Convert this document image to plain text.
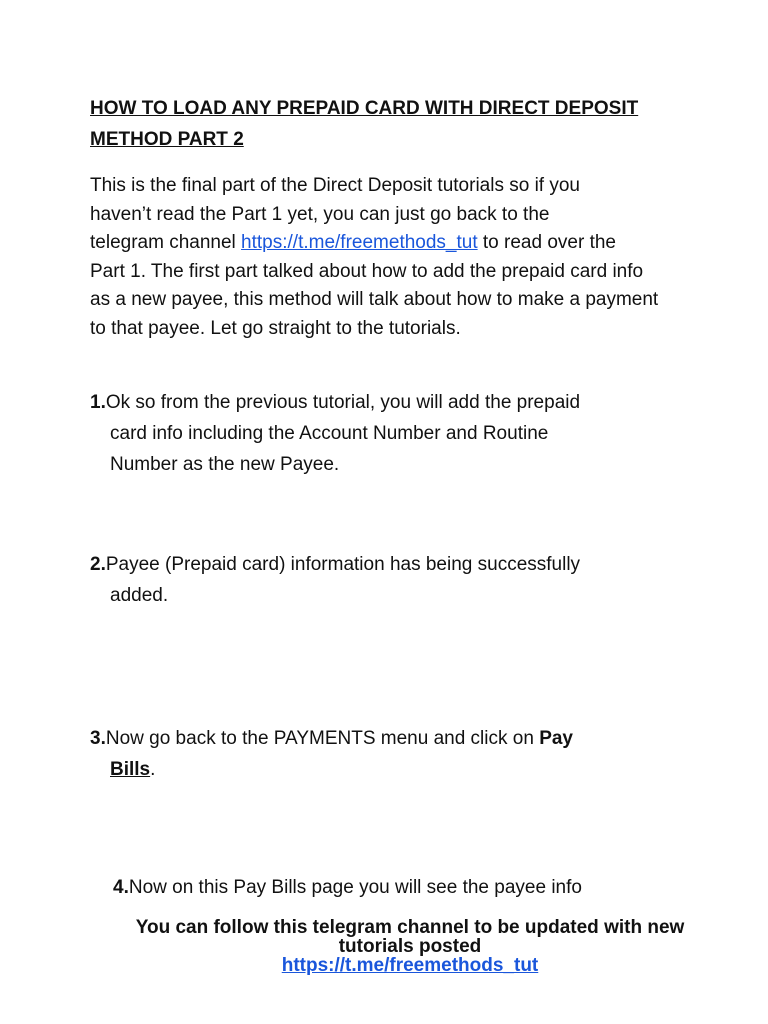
HOW TO LOAD ANY PREPAID CARD WITH DIRECT DEPOSIT
METHOD PART 2
This is the final part of the Direct Deposit tutorials so if you
haven’t read the Part 1 yet, you can just go back to the
telegram channel https://t.me/freemethods_tut to read over the
Part 1. The first part talked about how to add the prepaid card info
as a new payee, this method will talk about how to make a payment
to that payee. Let go straight to the tutorials.
1.Ok so from the previous tutorial, you will add the prepaid
card info including the Account Number and Routine
Number as the new Payee.
2.Payee (Prepaid card) information has being successfully
added.
3.Now go back to the PAYMENTS menu and click on Pay
Bills.
4.Now on this Pay Bills page you will see the payee info
You can follow this telegram channel to be updated with new
tutorials posted
https://t.me/freemethods_tut
